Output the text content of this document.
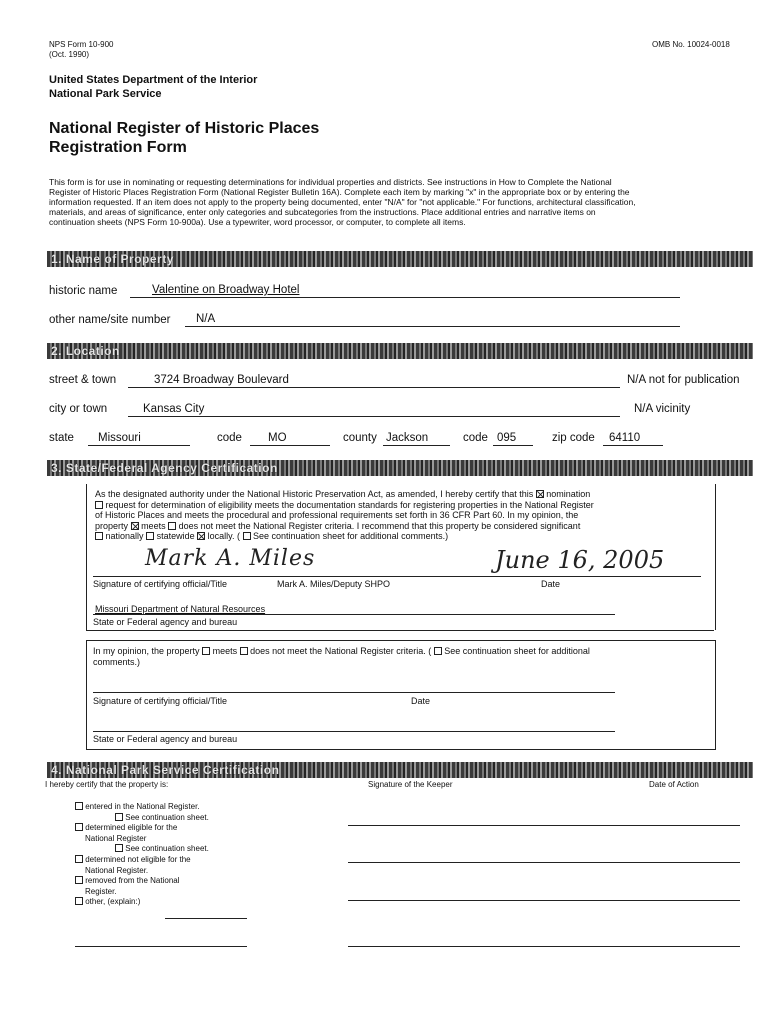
NPS Form 10-900
(Oct. 1990)
OMB No. 10024-0018
United States Department of the Interior
National Park Service
National Register of Historic Places
Registration Form
This form is for use in nominating or requesting determinations for individual properties and districts. See instructions in How to Complete the National
Register of Historic Places Registration Form (National Register Bulletin 16A). Complete each item by marking "x" in the appropriate box or by entering the
information requested. If an item does not apply to the property being documented, enter "N/A" for "not applicable." For functions, architectural classification,
materials, and areas of significance, enter only categories and subcategories from the instructions. Place additional entries and narrative items on
continuation sheets (NPS Form 10-900a). Use a typewriter, word processor, or computer, to complete all items.
1. Name of Property
historic name	Valentine on Broadway Hotel
other name/site number N/A
2. Location
street & town	3724 Broadway Boulevard	N/A not for publication
city or town	Kansas City	N/A vicinity
state Missouri	code MO	county Jackson	code 095	zip code 64110
3. State/Federal Agency Certification
As the designated authority under the National Historic Preservation Act, as amended, I hereby certify that this nomination
request for determination of eligibility meets the documentation standards for registering properties in the National Register
of Historic Places and meets the procedural and professional requirements set forth in 36 CFR Part 60. In my opinion, the
property meets does not meet the National Register criteria. I recommend that this property be considered significant
nationally statewide locally. ( See continuation sheet for additional comments.)
Mark A. Miles	June 16, 2005
Signature of certifying official/Title	Mark A. Miles/Deputy SHPO	Date
Missouri Department of Natural Resources
State or Federal agency and bureau
In my opinion, the property meets does not meet the National Register criteria. ( See continuation sheet for additional
comments.)
Signature of certifying official/Title	Date
State or Federal agency and bureau
4. National Park Service Certification
I hereby certify that the property is:	Signature of the Keeper	Date of Action
entered in the National Register.
See continuation sheet.
determined eligible for the
National Register
See continuation sheet.
determined not eligible for the
National Register.
removed from the National
Register.
other, (explain:)
